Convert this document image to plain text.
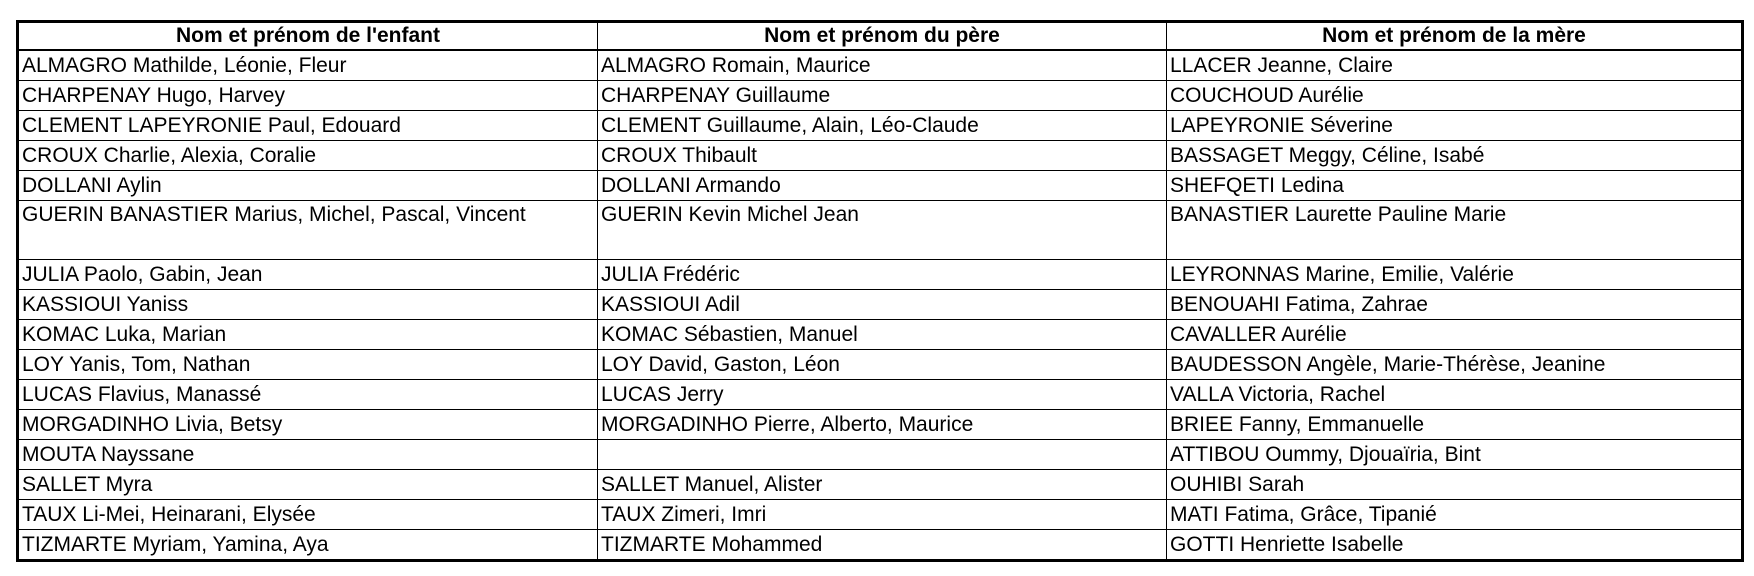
Nom et prénom de l'enfant	Nom et prénom du père	Nom et prénom de la mère
ALMAGRO Mathilde, Léonie, Fleur	ALMAGRO Romain, Maurice	LLACER Jeanne, Claire
CHARPENAY Hugo, Harvey	CHARPENAY Guillaume	COUCHOUD Aurélie
CLEMENT LAPEYRONIE Paul, Edouard	CLEMENT Guillaume, Alain, Léo-Claude	LAPEYRONIE Séverine
CROUX Charlie, Alexia, Coralie	CROUX Thibault	BASSAGET Meggy, Céline, Isabé
DOLLANI Aylin	DOLLANI Armando	SHEFQETI Ledina
GUERIN BANASTIER Marius, Michel, Pascal, Vincent	GUERIN Kevin Michel Jean	BANASTIER Laurette Pauline Marie
JULIA Paolo, Gabin, Jean	JULIA Frédéric	LEYRONNAS Marine, Emilie, Valérie
KASSIOUI Yaniss	KASSIOUI Adil	BENOUAHI Fatima, Zahrae
KOMAC Luka, Marian	KOMAC Sébastien, Manuel	CAVALLER Aurélie
LOY Yanis, Tom, Nathan	LOY David, Gaston, Léon	BAUDESSON Angèle, Marie-Thérèse, Jeanine
LUCAS Flavius, Manassé	LUCAS Jerry	VALLA Victoria, Rachel
MORGADINHO Livia, Betsy	MORGADINHO Pierre, Alberto, Maurice	BRIEE Fanny, Emmanuelle
MOUTA Nayssane		ATTIBOU Oummy, Djouaïria, Bint
SALLET Myra	SALLET Manuel, Alister	OUHIBI Sarah
TAUX Li-Mei, Heinarani, Elysée	TAUX Zimeri, Imri	MATI Fatima, Grâce, Tipanié
TIZMARTE Myriam, Yamina, Aya	TIZMARTE Mohammed	GOTTI Henriette Isabelle
